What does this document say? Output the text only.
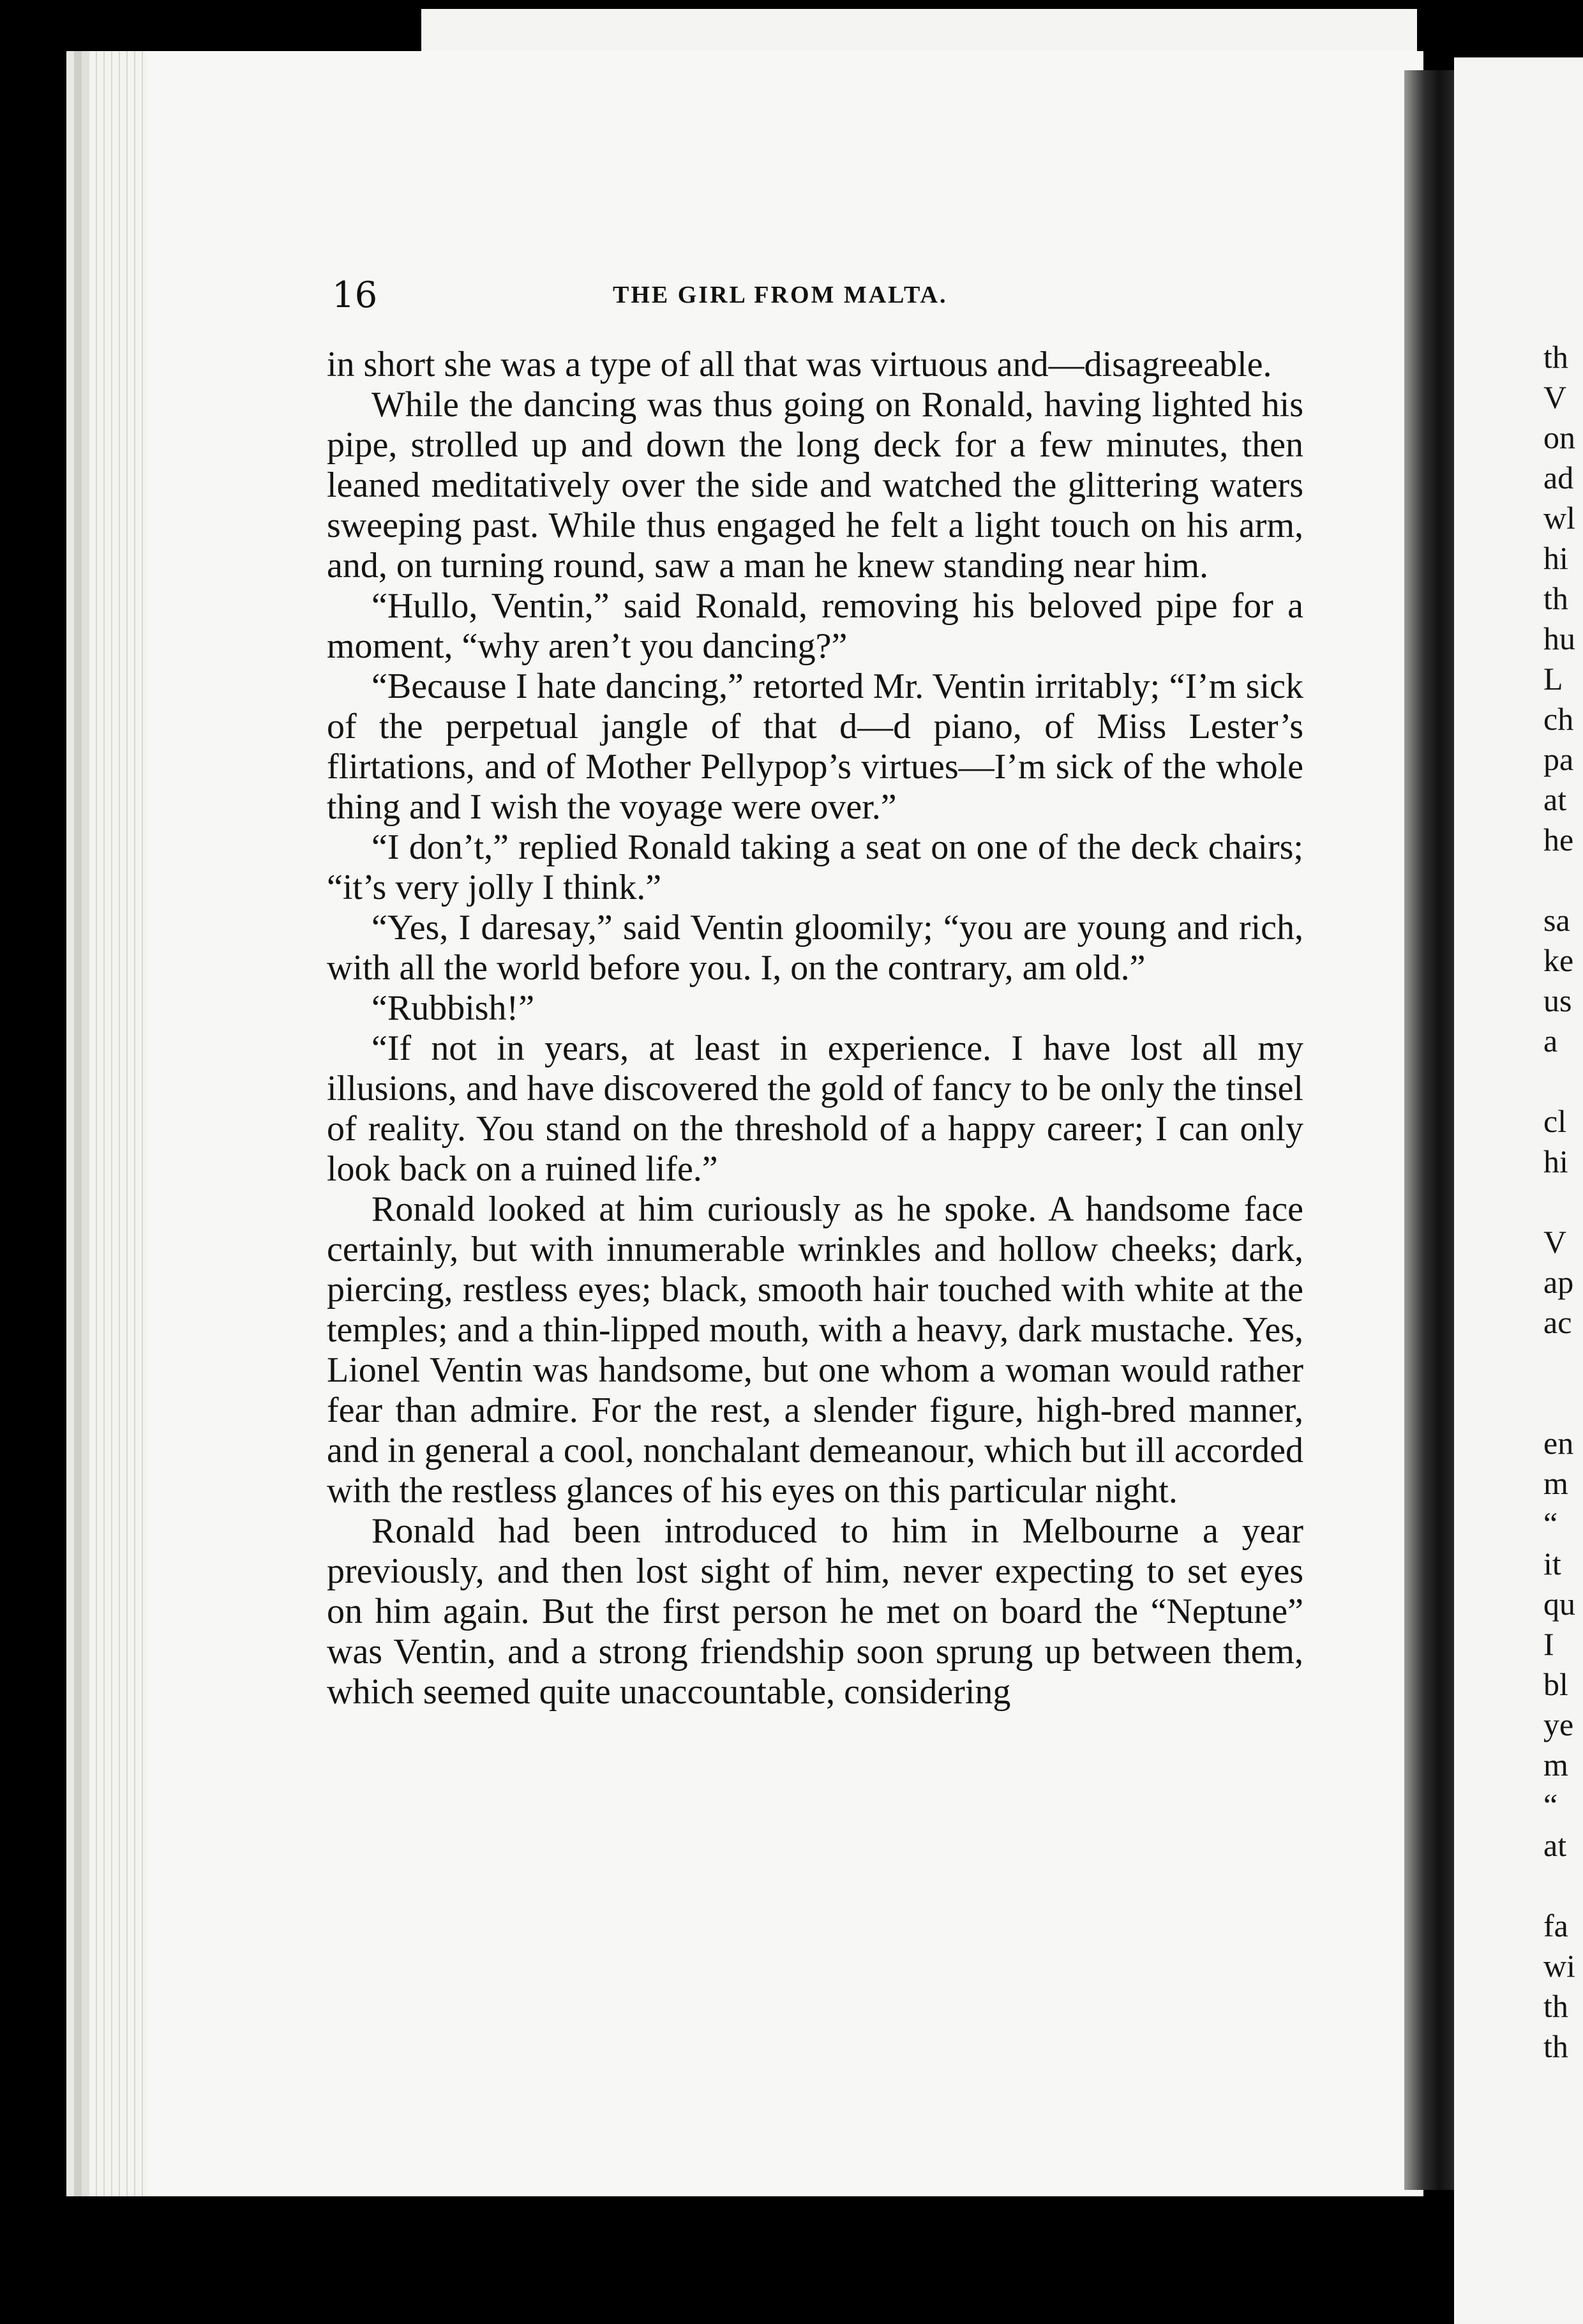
16	THE GIRL FROM MALTA.

in short she was a type of all that was virtuous and—disagreeable.

While the dancing was thus going on Ronald, having lighted his pipe, strolled up and down the long deck for a few minutes, then leaned meditatively over the side and watched the glittering waters sweeping past. While thus engaged he felt a light touch on his arm, and, on turning round, saw a man he knew standing near him.

“Hullo, Ventin,” said Ronald, removing his beloved pipe for a moment, “why aren’t you dancing?”

“Because I hate dancing,” retorted Mr. Ventin irritably; “I’m sick of the perpetual jangle of that d—d piano, of Miss Lester’s flirtations, and of Mother Pellypop’s virtues—I’m sick of the whole thing and I wish the voyage were over.”

“I don’t,” replied Ronald taking a seat on one of the deck chairs; “it’s very jolly I think.”

“Yes, I daresay,” said Ventin gloomily; “you are young and rich, with all the world before you. I, on the contrary, am old.”

“Rubbish!”

“If not in years, at least in experience. I have lost all my illusions, and have discovered the gold of fancy to be only the tinsel of reality. You stand on the threshold of a happy career; I can only look back on a ruined life.”

Ronald looked at him curiously as he spoke. A handsome face certainly, but with innumerable wrinkles and hollow cheeks; dark, piercing, restless eyes; black, smooth hair touched with white at the temples; and a thin-lipped mouth, with a heavy, dark mustache. Yes, Lionel Ventin was handsome, but one whom a woman would rather fear than admire. For the rest, a slender figure, high-bred manner, and in general a cool, nonchalant demeanour, which but ill accorded with the restless glances of his eyes on this particular night.

Ronald had been introduced to him in Melbourne a year previously, and then lost sight of him, never expecting to set eyes on him again. But the first person he met on board the “Neptune” was Ventin, and a strong friendship soon sprung up between them, which seemed quite unaccountable, considering

th
V
on
ad
wl
hi
th
hu
L
ch
pa
at
he
sa
ke
us
a
cl
hi
V
ap
ac
en
m
“
it
qu
I
bl
ye
m
“
at
fa
wi
th
th
